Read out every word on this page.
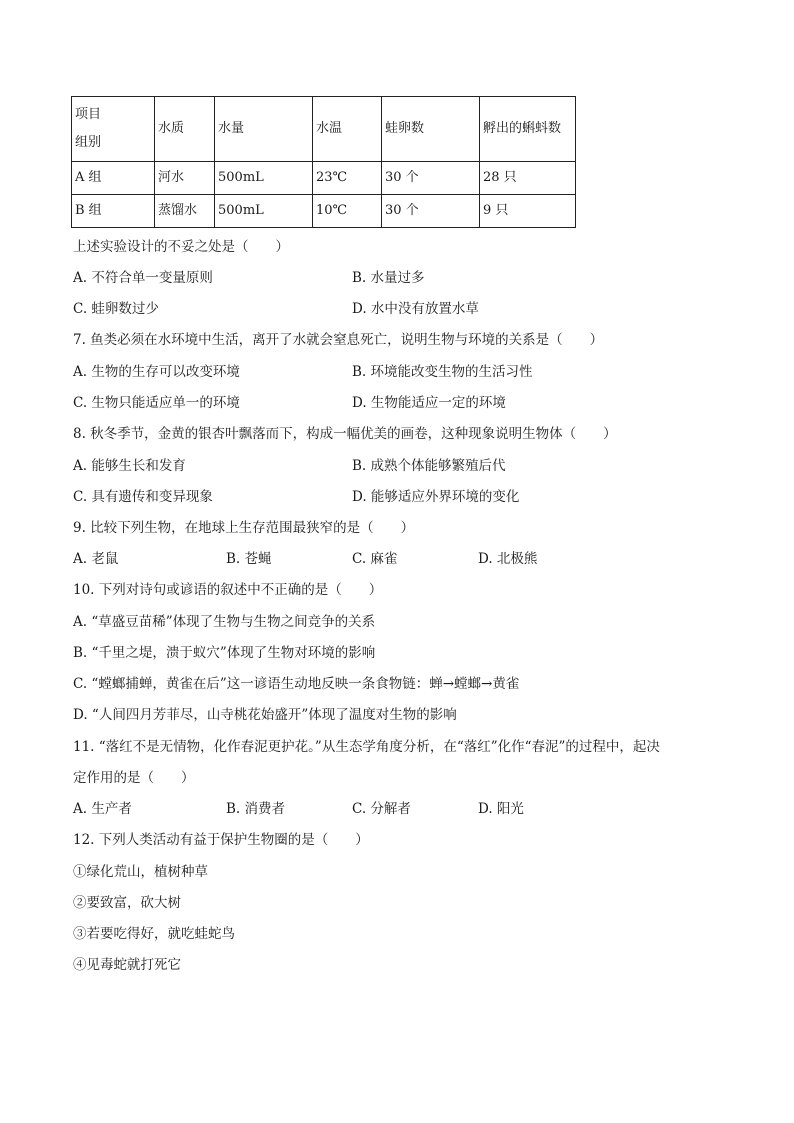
项目
组别	水质	水量	水温	蛙卵数	孵出的蝌蚪数
A 组	河水	500mL	23℃	30 个	28 只
B 组	蒸馏水	500mL	10℃	30 个	9 只
上述实验设计的不妥之处是（　　）
A. 不符合单一变量原则	B. 水量过多
C. 蛙卵数过少	D. 水中没有放置水草
7. 鱼类必须在水环境中生活，离开了水就会窒息死亡，说明生物与环境的关系是（　　）
A. 生物的生存可以改变环境	B. 环境能改变生物的生活习性
C. 生物只能适应单一的环境	D. 生物能适应一定的环境
8. 秋冬季节，金黄的银杏叶飘落而下，构成一幅优美的画卷，这种现象说明生物体（　　）
A. 能够生长和发育	B. 成熟个体能够繁殖后代
C. 具有遗传和变异现象	D. 能够适应外界环境的变化
9. 比较下列生物，在地球上生存范围最狭窄的是（　　）
A. 老鼠	B. 苍蝇	C. 麻雀	D. 北极熊
10. 下列对诗句或谚语的叙述中不正确的是（　　）
A. “草盛豆苗稀”体现了生物与生物之间竞争的关系
B. “千里之堤，溃于蚁穴”体现了生物对环境的影响
C. “螳螂捕蝉，黄雀在后”这一谚语生动地反映一条食物链：蝉→螳螂→黄雀
D. “人间四月芳菲尽，山寺桃花始盛开”体现了温度对生物的影响
11. “落红不是无情物，化作春泥更护花。”从生态学角度分析，在“落红”化作“春泥”的过程中，起决
定作用的是（　　）
A. 生产者	B. 消费者	C. 分解者	D. 阳光
12. 下列人类活动有益于保护生物圈的是（　　）
①绿化荒山，植树种草
②要致富，砍大树
③若要吃得好，就吃蛙蛇鸟
④见毒蛇就打死它
